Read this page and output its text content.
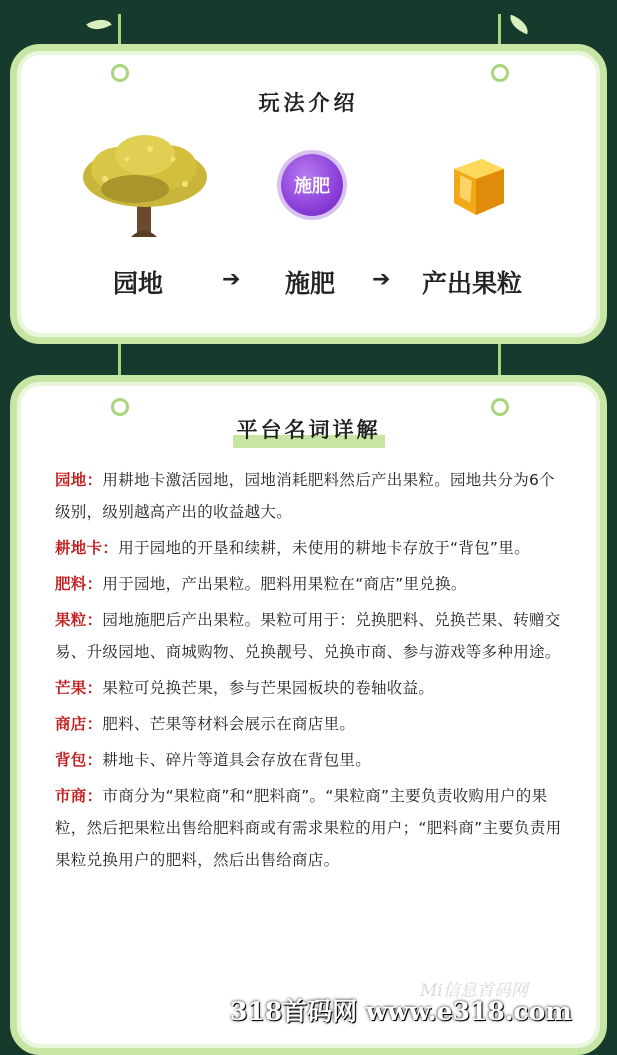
玩法介绍
施肥
园地	➔ 施肥 ➔ 产出果粒
平台名词详解

园地：用耕地卡激活园地，园地消耗肥料然后产出果粒。园地共分为6个级别，级别越高产出的收益越大。

耕地卡：用于园地的开垦和续耕，未使用的耕地卡存放于“背包”里。

肥料：用于园地，产出果粒。肥料用果粒在“商店”里兑换。

果粒：园地施肥后产出果粒。果粒可用于：兑换肥料、兑换芒果、转赠交易、升级园地、商城购物、兑换靓号、兑换市商、参与游戏等多种用途。

芒果：果粒可兑换芒果，参与芒果园板块的卷轴收益。

商店：肥料、芒果等材料会展示在商店里。

背包：耕地卡、碎片等道具会存放在背包里。

市商：市商分为“果粒商”和“肥料商”。“果粒商”主要负责收购用户的果粒，然后把果粒出售给肥料商或有需求果粒的用户；“肥料商”主要负责用果粒兑换用户的肥料，然后出售给商店。

Mi信息首码网
318首码网 www.e318.com
